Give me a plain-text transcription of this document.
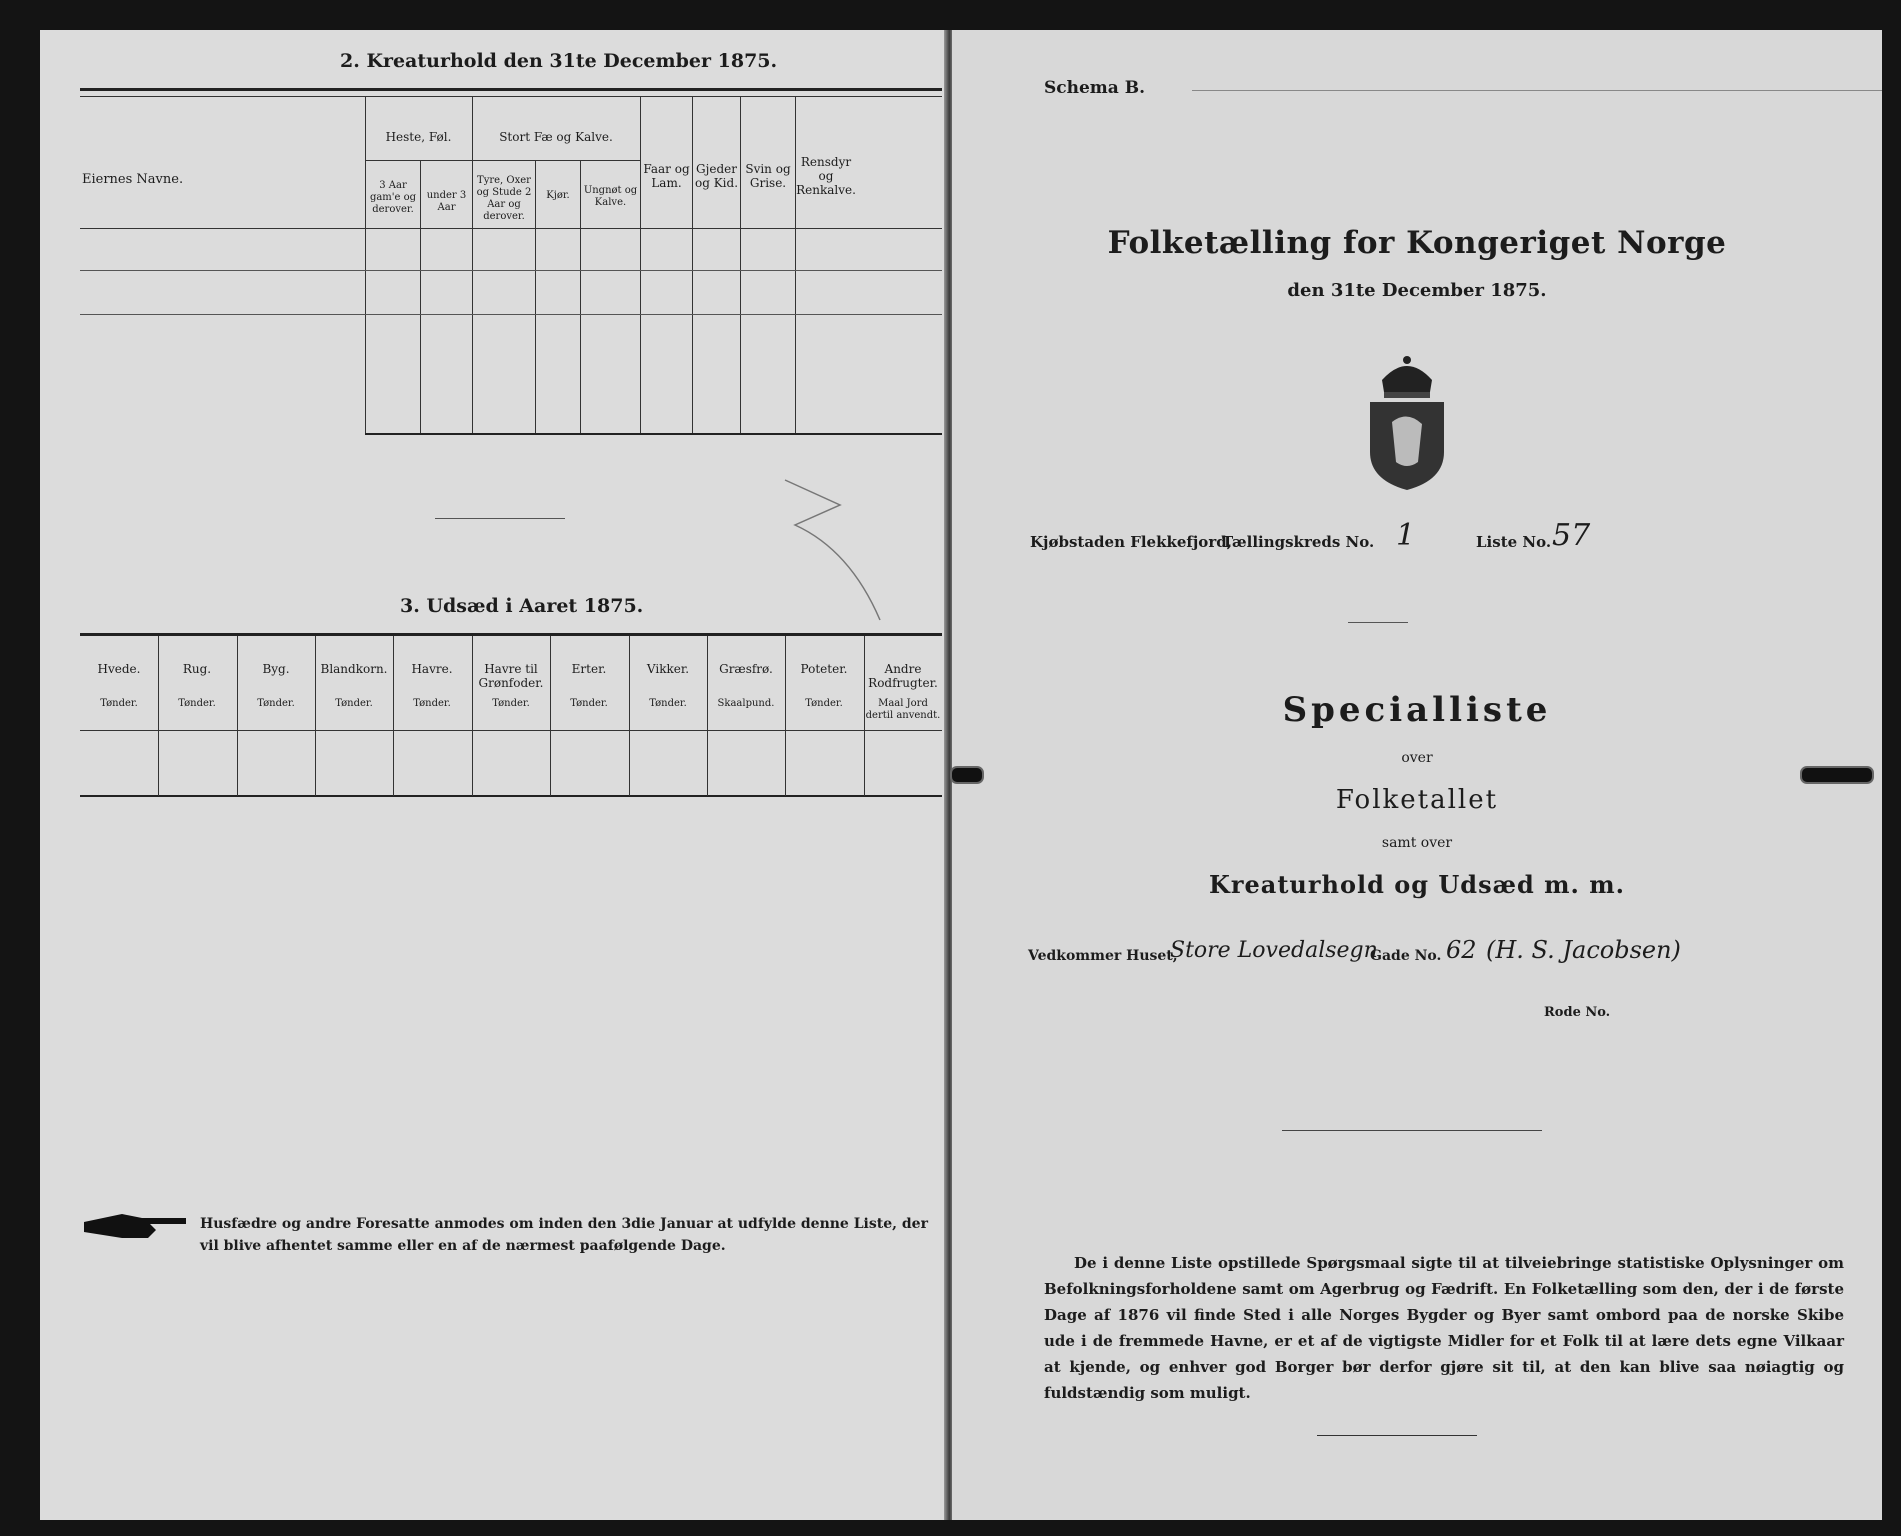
2. Kreaturhold den 31te December 1875.
Eiernes Navne.
Heste, Føl.
3 Aar gam'e og derover.
under 3 Aar
Stort Fæ og Kalve.
Tyre, Oxer og Stude 2 Aar og derover.
Kjør.	Ungnøt og Kalve.
Faar og Lam.
Gjeder og Kid.
Svin og Grise.
Rensdyr og Renkalve.
3. Udsæd i Aaret 1875.
Husfædre og andre Foresatte anmodes om inden den 3die Januar at udfylde denne Liste, der vil blive afhentet samme eller en af de nærmest paafølgende Dage.
Hvede.
Tønder.
Rug.
Tønder.
Byg.
Tønder.
Blandkorn.
Tønder.
Havre.
Tønder.
Havre til Grønfoder.
Tønder.
Erter.
Tønder.
Vikker.
Tønder.
Græsfrø.
Skaalpund.
Poteter.
Tønder.
Andre Rodfrugter.
Maal Jord dertil anvendt.
Schema B.
Folketælling for Kongeriget Norge
den 31te December 1875.
Kjøbstaden Flekkefjord,
Tællingskreds No. 1	Liste No. 57
Specialliste
over
Folketallet
samt over
Kreaturhold og Udsæd m. m.
Vedkommer Huset,
Store Lovedalsegn
Gade No. 62 (H. S. Jacobsen)
Rode No.
De i denne Liste opstillede Spørgsmaal sigte til at tilveiebringe statistiske Oplysninger om Befolkningsforholdene samt om Agerbrug og Fædrift. En Folketælling som den, der i de første Dage af 1876 vil finde Sted i alle Norges Bygder og Byer samt ombord paa de norske Skibe ude i de fremmede Havne, er et af de vigtigste Midler for et Folk til at lære dets egne Vilkaar at kjende, og enhver god Borger bør derfor gjøre sit til, at den kan blive saa nøiagtig og fuldstændig som muligt.
